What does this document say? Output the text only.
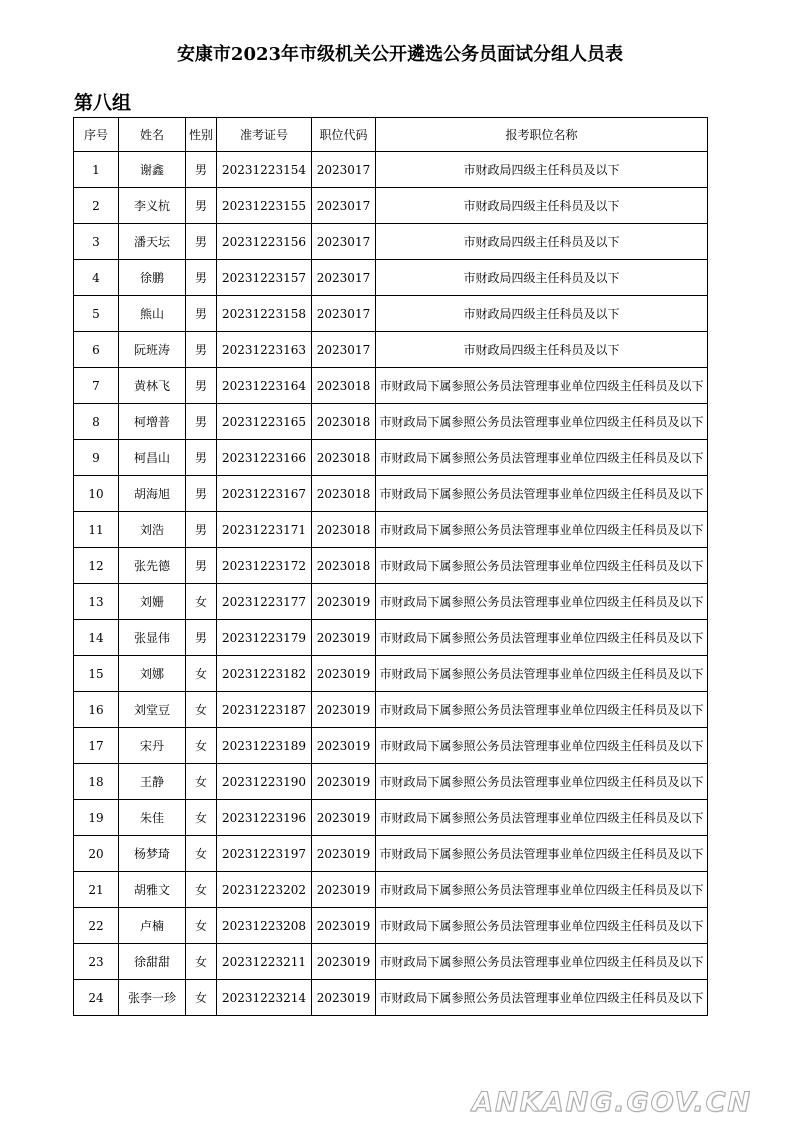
安康市2023年市级机关公开遴选公务员面试分组人员表
第八组
序号	姓名	性别	准考证号	职位代码	报考职位名称
1	谢鑫	男	20231223154	2023017	市财政局四级主任科员及以下
2	李义杭	男	20231223155	2023017	市财政局四级主任科员及以下
3	潘天坛	男	20231223156	2023017	市财政局四级主任科员及以下
4	徐鹏	男	20231223157	2023017	市财政局四级主任科员及以下
5	熊山	男	20231223158	2023017	市财政局四级主任科员及以下
6	阮班涛	男	20231223163	2023017	市财政局四级主任科员及以下
7	黄林飞	男	20231223164	2023018	市财政局下属参照公务员法管理事业单位四级主任科员及以下
8	柯增普	男	20231223165	2023018	市财政局下属参照公务员法管理事业单位四级主任科员及以下
9	柯昌山	男	20231223166	2023018	市财政局下属参照公务员法管理事业单位四级主任科员及以下
10	胡海旭	男	20231223167	2023018	市财政局下属参照公务员法管理事业单位四级主任科员及以下
11	刘浩	男	20231223171	2023018	市财政局下属参照公务员法管理事业单位四级主任科员及以下
12	张先德	男	20231223172	2023018	市财政局下属参照公务员法管理事业单位四级主任科员及以下
13	刘姗	女	20231223177	2023019	市财政局下属参照公务员法管理事业单位四级主任科员及以下
14	张显伟	男	20231223179	2023019	市财政局下属参照公务员法管理事业单位四级主任科员及以下
15	刘娜	女	20231223182	2023019	市财政局下属参照公务员法管理事业单位四级主任科员及以下
16	刘堂豆	女	20231223187	2023019	市财政局下属参照公务员法管理事业单位四级主任科员及以下
17	宋丹	女	20231223189	2023019	市财政局下属参照公务员法管理事业单位四级主任科员及以下
18	王静	女	20231223190	2023019	市财政局下属参照公务员法管理事业单位四级主任科员及以下
19	朱佳	女	20231223196	2023019	市财政局下属参照公务员法管理事业单位四级主任科员及以下
20	杨梦琦	女	20231223197	2023019	市财政局下属参照公务员法管理事业单位四级主任科员及以下
21	胡雅文	女	20231223202	2023019	市财政局下属参照公务员法管理事业单位四级主任科员及以下
22	卢楠	女	20231223208	2023019	市财政局下属参照公务员法管理事业单位四级主任科员及以下
23	徐甜甜	女	20231223211	2023019	市财政局下属参照公务员法管理事业单位四级主任科员及以下
24	张李一珍	女	20231223214	2023019	市财政局下属参照公务员法管理事业单位四级主任科员及以下
ANKANG.GOV.CN
